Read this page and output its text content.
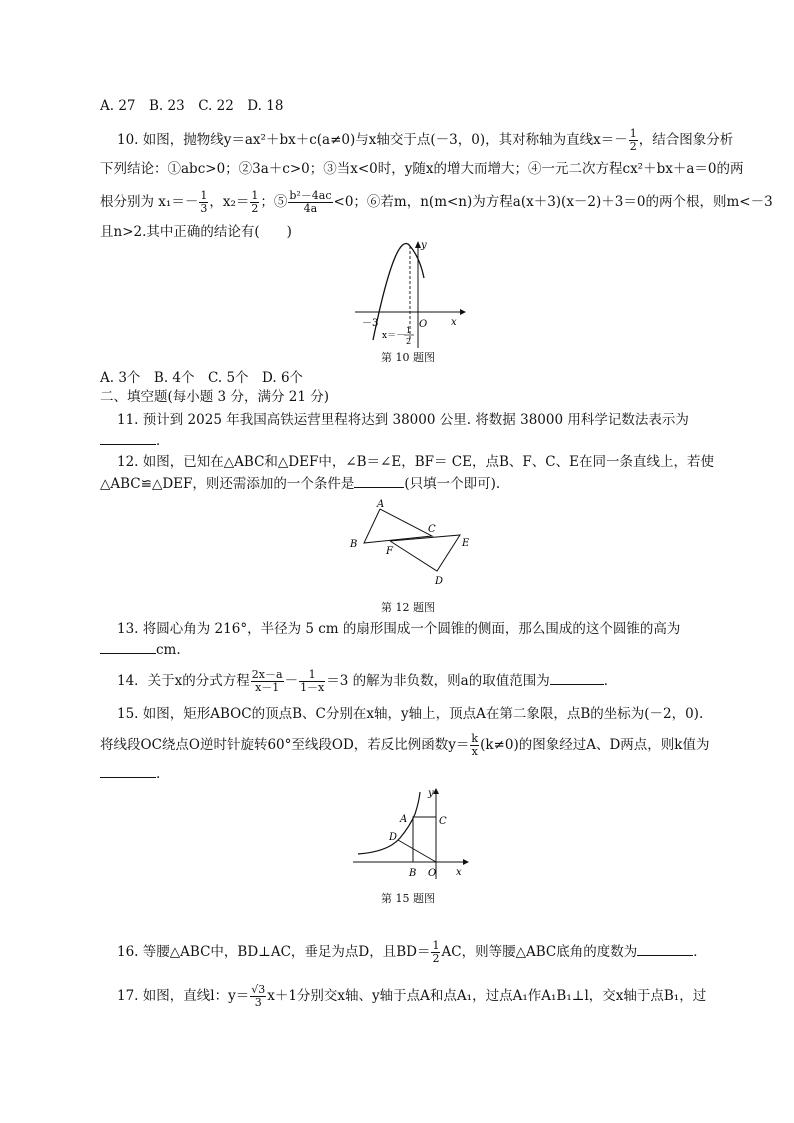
A. 27　B. 23　C. 22　D. 18
10. 如图，抛物线y＝ax²＋bx＋c(a≠0)与x轴交于点(－3，0)，其对称轴为直线$x=- \frac{1}{2}$ ，结合图象分析
下列结论：①abc>0；②3a＋c>0；③当x<0时，y随x的增大而增大；④一元二次方程cx²＋bx＋a＝0的两
根分别为 $x_1=- \frac{1}{3}$ ，$x_2= \frac{1}{2}$ ；⑤ $\frac{\text{b²－4ac}}{4a} <0$；⑥若m，n(m<n)为方程a(x＋3)(x－2)＋3＝0的两个根，则m<－3
且n>2.其中正确的结论有(　　)
y
x
O
－3
x＝－
1
2
第 10 题图
A. 3个　B. 4个　C. 5个　D. 6个
二、填空题(每小题 3 分，满分 21 分)
11. 预计到 2025 年我国高铁运营里程将达到 38000 公里. 将数据 38000 用科学记数法表示为
．
12. 如图，已知在△ABC和△DEF中，∠B＝∠E，BF＝ CE，点B、F、C、E在同一条直线上，若使
△ABC≌△DEF，则还需添加的一个条件是	(只填一个即可).
A
B
C
E
F
D
第 12 题图
13. 将圆心角为 216°，半径为 5 cm 的扇形围成一个圆锥的侧面，那么围成的这个圆锥的高为
cm.
14．关于x的分式方程 $\frac{2x-a}{x-1} - \frac{1}{1-x} =3$ 的解为非负数，则a的取值范围为	．
15. 如图，矩形ABOC的顶点B、C分别在x轴，y轴上，顶点A在第二象限，点B的坐标为(－2，0).
将线段OC绕点O逆时针旋转60°至线段OD，若反比例函数$y= \frac{k}{x} (k\ne 0)$的图象经过A、D两点，则k值为
.
y
x
A	C
D
B O
第 15 题图
16. 等腰△ABC中，BD⊥AC，垂足为点D，且$BD= \frac{1}{2}$ AC，则等腰△ABC底角的度数为	．
17. 如图，直线l：$y= \frac{√3}{3} x+1$分别交x轴、y轴于点A和点A₁，过点A₁作A₁B₁⊥l，交x轴于点B₁，过
